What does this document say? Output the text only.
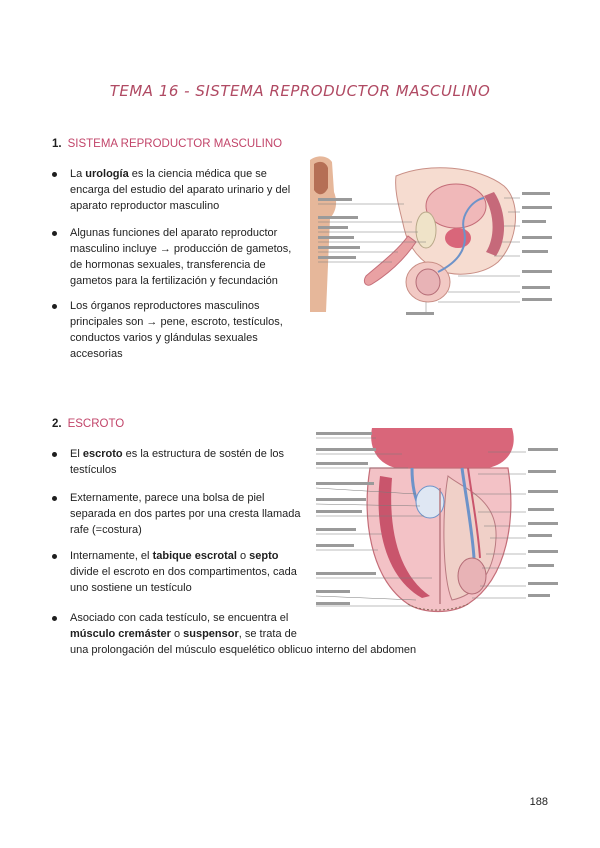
TEMA 16 - SISTEMA REPRODUCTOR MASCULINO
1. SISTEMA REPRODUCTOR MASCULINO
La urología es la ciencia médica que se
encarga del estudio del aparato urinario y del
aparato reproductor masculino
Algunas funciones del aparato reproductor
masculino incluye → producción de gametos,
de hormonas sexuales, transferencia de
gametos para la fertilización y fecundación
Los órganos reproductores masculinos
principales son → pene, escroto, testículos,
conductos varios y glándulas sexuales
accesorias
2. ESCROTO
El escroto es la estructura de sostén de los
testículos
Externamente, parece una bolsa de piel
separada en dos partes por una cresta llamada
rafe (=costura)
Internamente, el tabique escrotal o septo
divide el escroto en dos compartimentos, cada
uno sostiene un testículo
Asociado con cada testículo, se encuentra el
músculo cremáster o suspensor, se trata de
una prolongación del músculo esquelético oblicuo interno del abdomen
188
